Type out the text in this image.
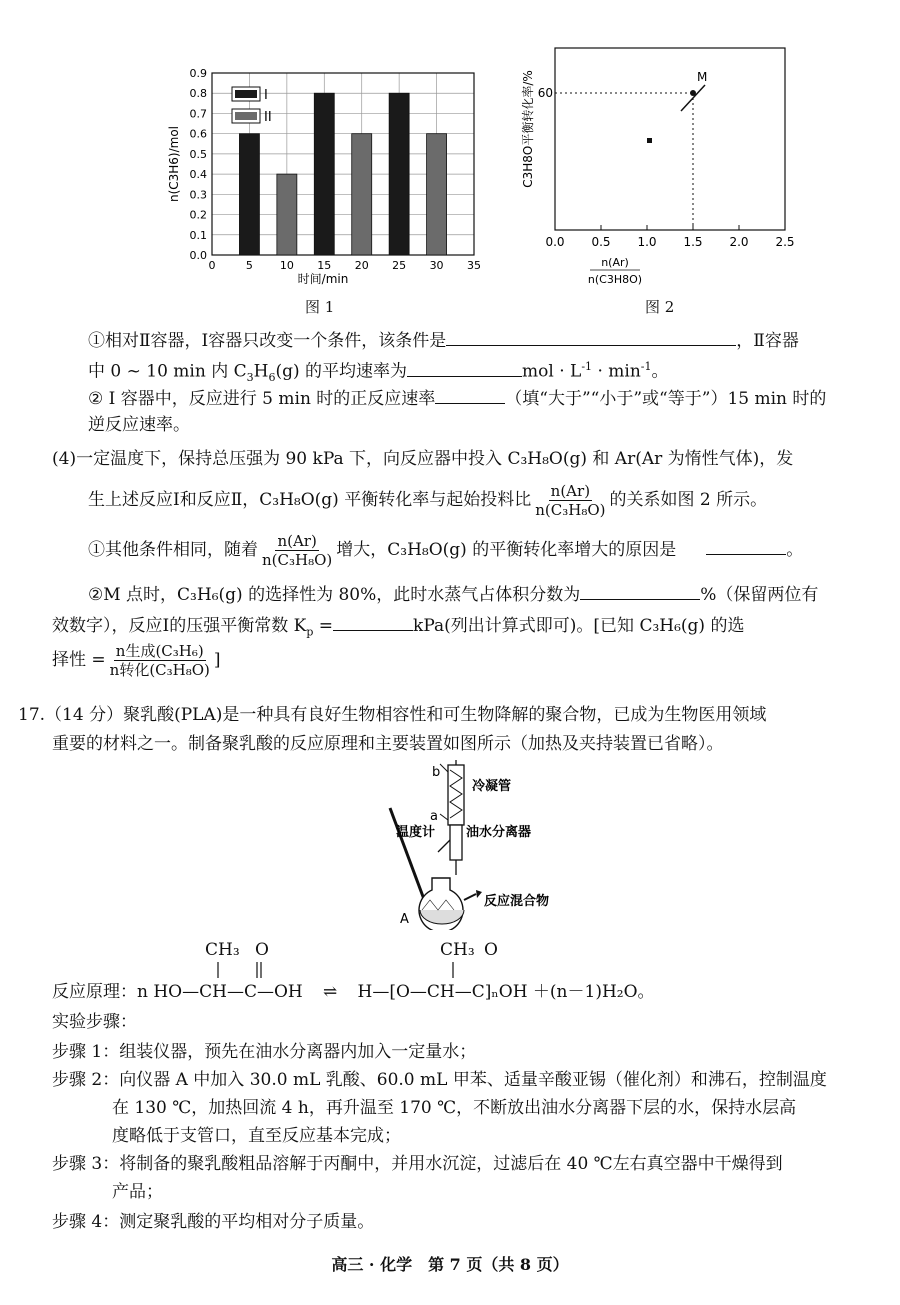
0.0
0.1
0.2
0.3
0.4
0.5
0.6
0.7
0.8
0.9
0	5 10 15 20 25 30 35
I
II
时间/min
n(C3H6)/mol
图 1
0.0 0.5 1.0 1.5 2.0 2.5
60
M
C3H8O平衡转化率/%
n(Ar)
n(C3H8O)
图 2
①相对Ⅱ容器，Ⅰ容器只改变一个条件，该条件是	，Ⅱ容器
中 0 ~ 10 min 内 $C_3H_6(g)$ 的平均速率为	mol · $L^{-1} \cdot \min^{-1}$。
② Ⅰ 容器中，反应进行 5 min 时的正反应速率	（填“大于”“小于”或“等于”）15 min 时的
逆反应速率。
(4)一定温度下，保持总压强为 90 kPa 下，向反应器中投入 C₃H₈O(g) 和 Ar(Ar 为惰性气体)，发
生上述反应Ⅰ和反应Ⅱ，C₃H₈O(g) 平衡转化率与起始投料比 $\frac{n(Ar)}{\text{n(C₃H₈O)}}$ 的关系如图 2 所示。
①其他条件相同，随着 $\frac{n(Ar)}{\text{n(C₃H₈O)}}$ 增大，C₃H₈O(g) 的平衡转化率增大的原因是	。
②M 点时，C₃H₆(g) 的选择性为 80%，此时水蒸气占体积分数为	%（保留两位有
效数字），反应Ⅰ的压强平衡常数 $K_p$ =	kPa(列出计算式即可)。[已知 C₃H₆(g) 的选
择性 = $\frac{\text{n生成(C₃H₆)}}{\text{n转化(C₃H₈O)}}$ ]
17.（14 分）聚乳酸(PLA)是一种具有良好生物相容性和可生物降解的聚合物，已成为生物医用领域
重要的材料之一。制备聚乳酸的反应原理和主要装置如图所示（加热及夹持装置已省略）。
b
a
A
冷凝管
油水分离器
温度计
反应混合物
CH₃ O	CH₃ O
反应原理：n HO—CH—C—OH ⇌ H—[O—CH—C]ₙOH ＋(n－1)H₂O。
实验步骤：
步骤 1：组装仪器，预先在油水分离器内加入一定量水；
步骤 2：向仪器 A 中加入 30.0 mL 乳酸、60.0 mL 甲苯、适量辛酸亚锡（催化剂）和沸石，控制温度
在 130 ℃，加热回流 4 h，再升温至 170 ℃，不断放出油水分离器下层的水，保持水层高
度略低于支管口，直至反应基本完成；
步骤 3：将制备的聚乳酸粗品溶解于丙酮中，并用水沉淀，过滤后在 40 ℃左右真空器中干燥得到
产品；
步骤 4：测定聚乳酸的平均相对分子质量。
高三 · 化学　第 7 页（共 8 页）
